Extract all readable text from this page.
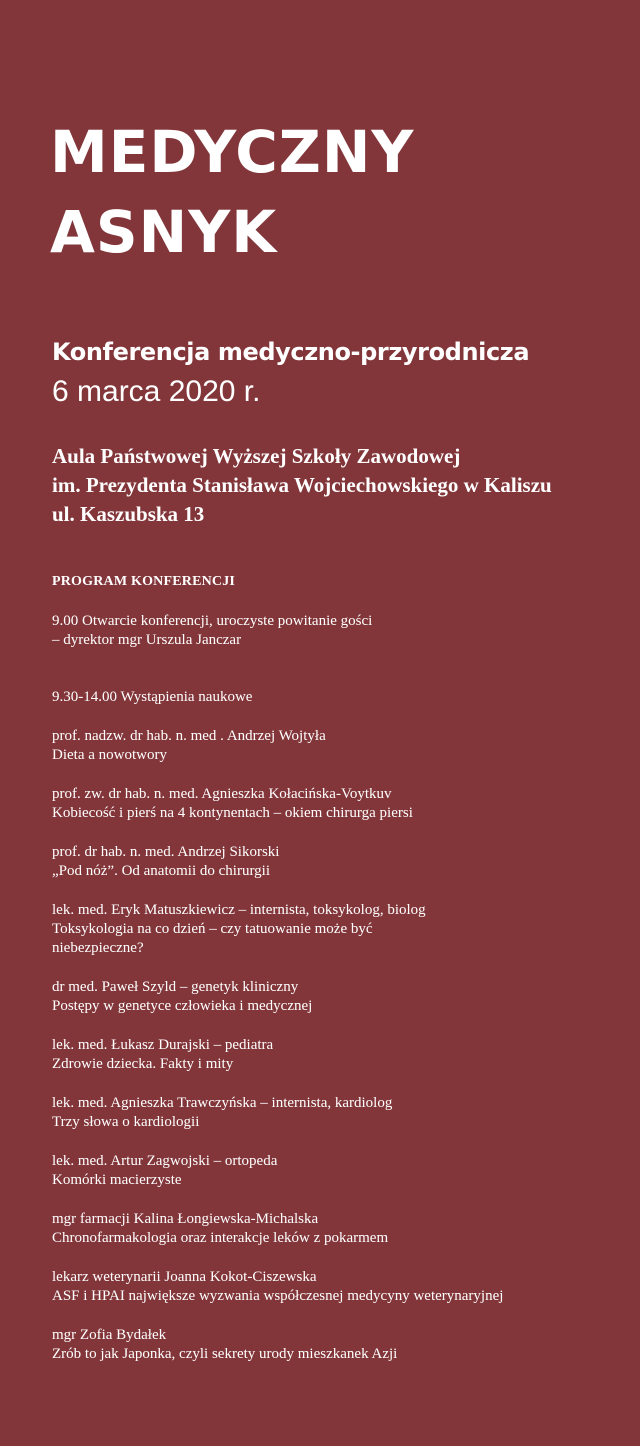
MEDYCZNY
ASNYK
Konferencja medyczno-przyrodnicza
6 marca 2020 r.
Aula Państwowej Wyższej Szkoły Zawodowej
im. Prezydenta Stanisława Wojciechowskiego w Kaliszu
ul. Kaszubska 13
PROGRAM KONFERENCJI
9.00 Otwarcie konferencji, uroczyste powitanie gości
– dyrektor mgr Urszula Janczar
9.30-14.00 Wystąpienia naukowe
prof. nadzw. dr hab. n. med . Andrzej Wojtyła
Dieta a nowotwory
prof. zw. dr hab. n. med. Agnieszka Kołacińska-Voytkuv
Kobiecość i pierś na 4 kontynentach – okiem chirurga piersi
prof. dr hab. n. med. Andrzej Sikorski
„Pod nóż”. Od anatomii do chirurgii
lek. med. Eryk Matuszkiewicz – internista, toksykolog, biolog
Toksykologia na co dzień – czy tatuowanie może być niebezpieczne?
dr med. Paweł Szyld – genetyk kliniczny
Postępy w genetyce człowieka i medycznej
lek. med. Łukasz Durajski – pediatra
Zdrowie dziecka. Fakty i mity
lek. med. Agnieszka Trawczyńska – internista, kardiolog
Trzy słowa o kardiologii
lek. med. Artur Zagwojski – ortopeda
Komórki macierzyste
mgr farmacji Kalina Łongiewska-Michalska
Chronofarmakologia oraz interakcje leków z pokarmem
lekarz weterynarii Joanna Kokot-Ciszewska
ASF i HPAI największe wyzwania współczesnej medycyny weterynaryjnej
mgr Zofia Bydałek
Zrób to jak Japonka, czyli sekrety urody mieszkanek Azji
